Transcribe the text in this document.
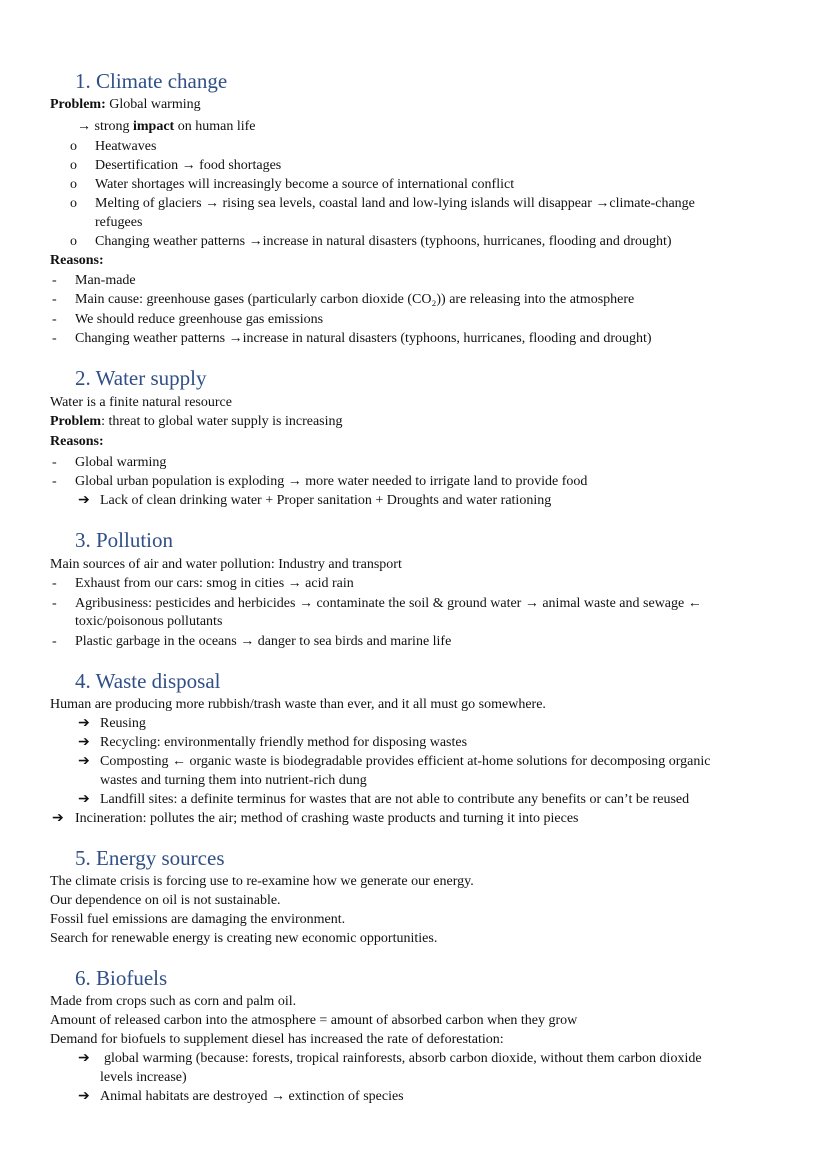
1. Climate change
Problem: Global warming
→ strong impact on human life
o Heatwaves
o Desertification → food shortages
o Water shortages will increasingly become a source of international conflict
o Melting of glaciers → rising sea levels, coastal land and low-lying islands will disappear →climate-change
refugees
o Changing weather patterns →increase in natural disasters (typhoons, hurricanes, flooding and drought)
Reasons:
- Man-made
- Main cause: greenhouse gases (particularly carbon dioxide (CO₂)) are releasing into the atmosphere
- We should reduce greenhouse gas emissions
- Changing weather patterns →increase in natural disasters (typhoons, hurricanes, flooding and drought)
2. Water supply
Water is a finite natural resource
Problem: threat to global water supply is increasing
Reasons:
- Global warming
- Global urban population is exploding → more water needed to irrigate land to provide food
➔ Lack of clean drinking water + Proper sanitation + Droughts and water rationing
3. Pollution
Main sources of air and water pollution: Industry and transport
- Exhaust from our cars: smog in cities → acid rain
- Agribusiness: pesticides and herbicides → contaminate the soil & ground water → animal waste and sewage ←
toxic/poisonous pollutants
- Plastic garbage in the oceans → danger to sea birds and marine life
4. Waste disposal
Human are producing more rubbish/trash waste than ever, and it all must go somewhere.
➔ Reusing
➔ Recycling: environmentally friendly method for disposing wastes
➔ Composting ← organic waste is biodegradable provides efficient at-home solutions for decomposing organic
wastes and turning them into nutrient-rich dung
➔ Landfill sites: a definite terminus for wastes that are not able to contribute any benefits or can’t be reused
➔ Incineration: pollutes the air; method of crashing waste products and turning it into pieces
5. Energy sources
The climate crisis is forcing use to re-examine how we generate our energy.
Our dependence on oil is not sustainable.
Fossil fuel emissions are damaging the environment.
Search for renewable energy is creating new economic opportunities.
6. Biofuels
Made from crops such as corn and palm oil.
Amount of released carbon into the atmosphere = amount of absorbed carbon when they grow
Demand for biofuels to supplement diesel has increased the rate of deforestation:
➔ global warming (because: forests, tropical rainforests, absorb carbon dioxide, without them carbon dioxide
levels increase)
➔ Animal habitats are destroyed → extinction of species
